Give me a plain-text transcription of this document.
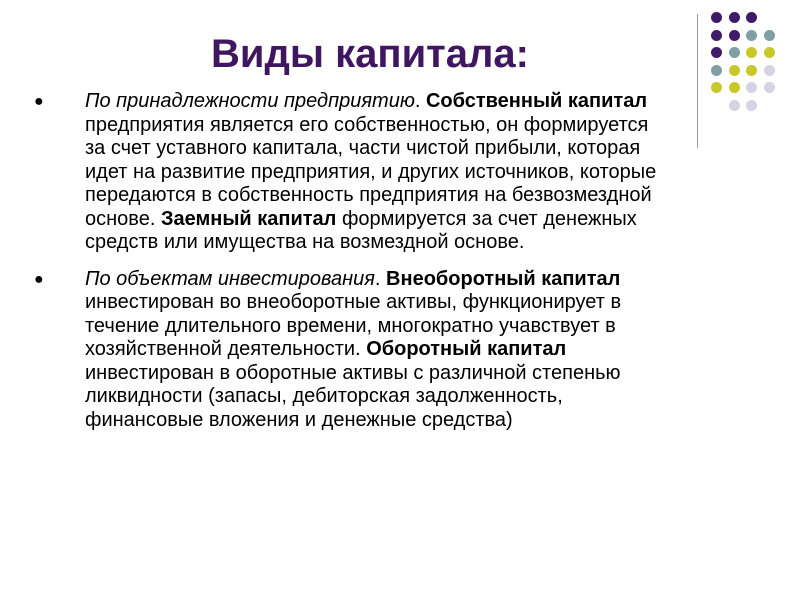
Виды капитала:
● По принадлежности предприятию. Собственный капитал предприятия является его собственностью, он формируется за счет уставного капитала, части чистой прибыли, которая идет на развитие предприятия, и других источников, которые передаются в собственность предприятия на безвозмездной основе. Заемный капитал формируется за счет денежных средств или имущества на возмездной основе.
● По объектам инвестирования. Внеоборотный капитал инвестирован во внеоборотные активы, функционирует в течение длительного времени, многократно учавствует в хозяйственной деятельности. Оборотный капитал инвестирован в оборотные активы с различной степенью ликвидности (запасы, дебиторская задолженность, финансовые вложения и денежные средства)
